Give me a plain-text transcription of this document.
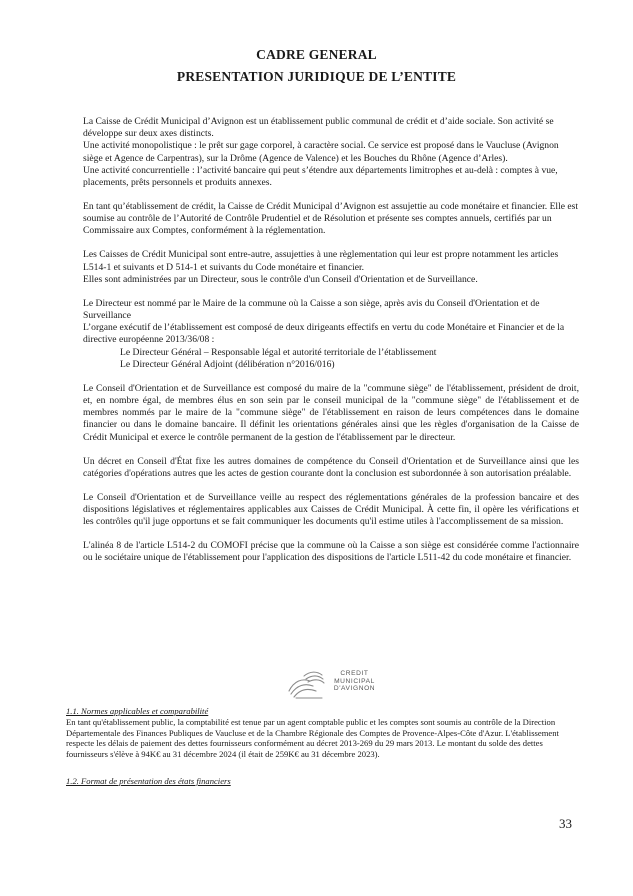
CADRE GENERAL
PRESENTATION JURIDIQUE DE L’ENTITE

La Caisse de Crédit Municipal d’Avignon est un établissement public communal de crédit et d’aide sociale. Son activité se développe sur deux axes distincts.

Une activité monopolistique : le prêt sur gage corporel, à caractère social. Ce service est proposé dans le Vaucluse (Avignon siège et Agence de Carpentras), sur la Drôme (Agence de Valence) et les Bouches du Rhône (Agence d’Arles).

Une activité concurrentielle : l’activité bancaire qui peut s’étendre aux départements limitrophes et au-delà : comptes à vue, placements, prêts personnels et produits annexes.

En tant qu’établissement de crédit, la Caisse de Crédit Municipal d’Avignon est assujettie au code monétaire et financier. Elle est soumise au contrôle de l’Autorité de Contrôle Prudentiel et de Résolution et présente ses comptes annuels, certifiés par un Commissaire aux Comptes, conformément à la réglementation.

Les Caisses de Crédit Municipal sont entre-autre, assujetties à une règlementation qui leur est propre notamment les articles L514-1 et suivants et D 514-1 et suivants du Code monétaire et financier.

Elles sont administrées par un Directeur, sous le contrôle d'un Conseil d'Orientation et de Surveillance.

Le Directeur est nommé par le Maire de la commune où la Caisse a son siège, après avis du Conseil d'Orientation et de Surveillance

L’organe exécutif de l’établissement est composé de deux dirigeants effectifs en vertu du code Monétaire et Financier et de la directive européenne 2013/36/08 :

Le Directeur Général – Responsable légal et autorité territoriale de l’établissement

Le Directeur Général Adjoint (délibération n°2016/016)

Le Conseil d'Orientation et de Surveillance est composé du maire de la "commune siège" de l'établissement, président de droit, et, en nombre égal, de membres élus en son sein par le conseil municipal de la "commune siège" de l'établissement et de membres nommés par le maire de la "commune siège" de l'établissement en raison de leurs compétences dans le domaine financier ou dans le domaine bancaire. Il définit les orientations générales ainsi que les règles d'organisation de la Caisse de Crédit Municipal et exerce le contrôle permanent de la gestion de l'établissement par le directeur.

Un décret en Conseil d'État fixe les autres domaines de compétence du Conseil d'Orientation et de Surveillance ainsi que les catégories d'opérations autres que les actes de gestion courante dont la conclusion est subordonnée à son autorisation préalable.

Le Conseil d'Orientation et de Surveillance veille au respect des réglementations générales de la profession bancaire et des dispositions législatives et réglementaires applicables aux Caisses de Crédit Municipal. À cette fin, il opère les vérifications et les contrôles qu'il juge opportuns et se fait communiquer les documents qu'il estime utiles à l'accomplissement de sa mission.

L'alinéa 8 de l'article L514-2 du COMOFI précise que la commune où la Caisse a son siège est considérée comme l'actionnaire ou le sociétaire unique de l'établissement pour l'application des dispositions de l'article L511-42 du code monétaire et financier.

CREDIT
MUNICIPAL
D'AVIGNON

1.1. Normes applicables et comparabilité

En tant qu'établissement public, la comptabilité est tenue par un agent comptable public et les comptes sont soumis au contrôle de la Direction Départementale des Finances Publiques de Vaucluse et de la Chambre Régionale des Comptes de Provence-Alpes-Côte d'Azur. L'établissement respecte les délais de paiement des dettes fournisseurs conformément au décret 2013-269 du 29 mars 2013. Le montant du solde des dettes fournisseurs s'élève à 94K€ au 31 décembre 2024 (il était de 259K€ au 31 décembre 2023).

1.2. Format de présentation des états financiers

33
